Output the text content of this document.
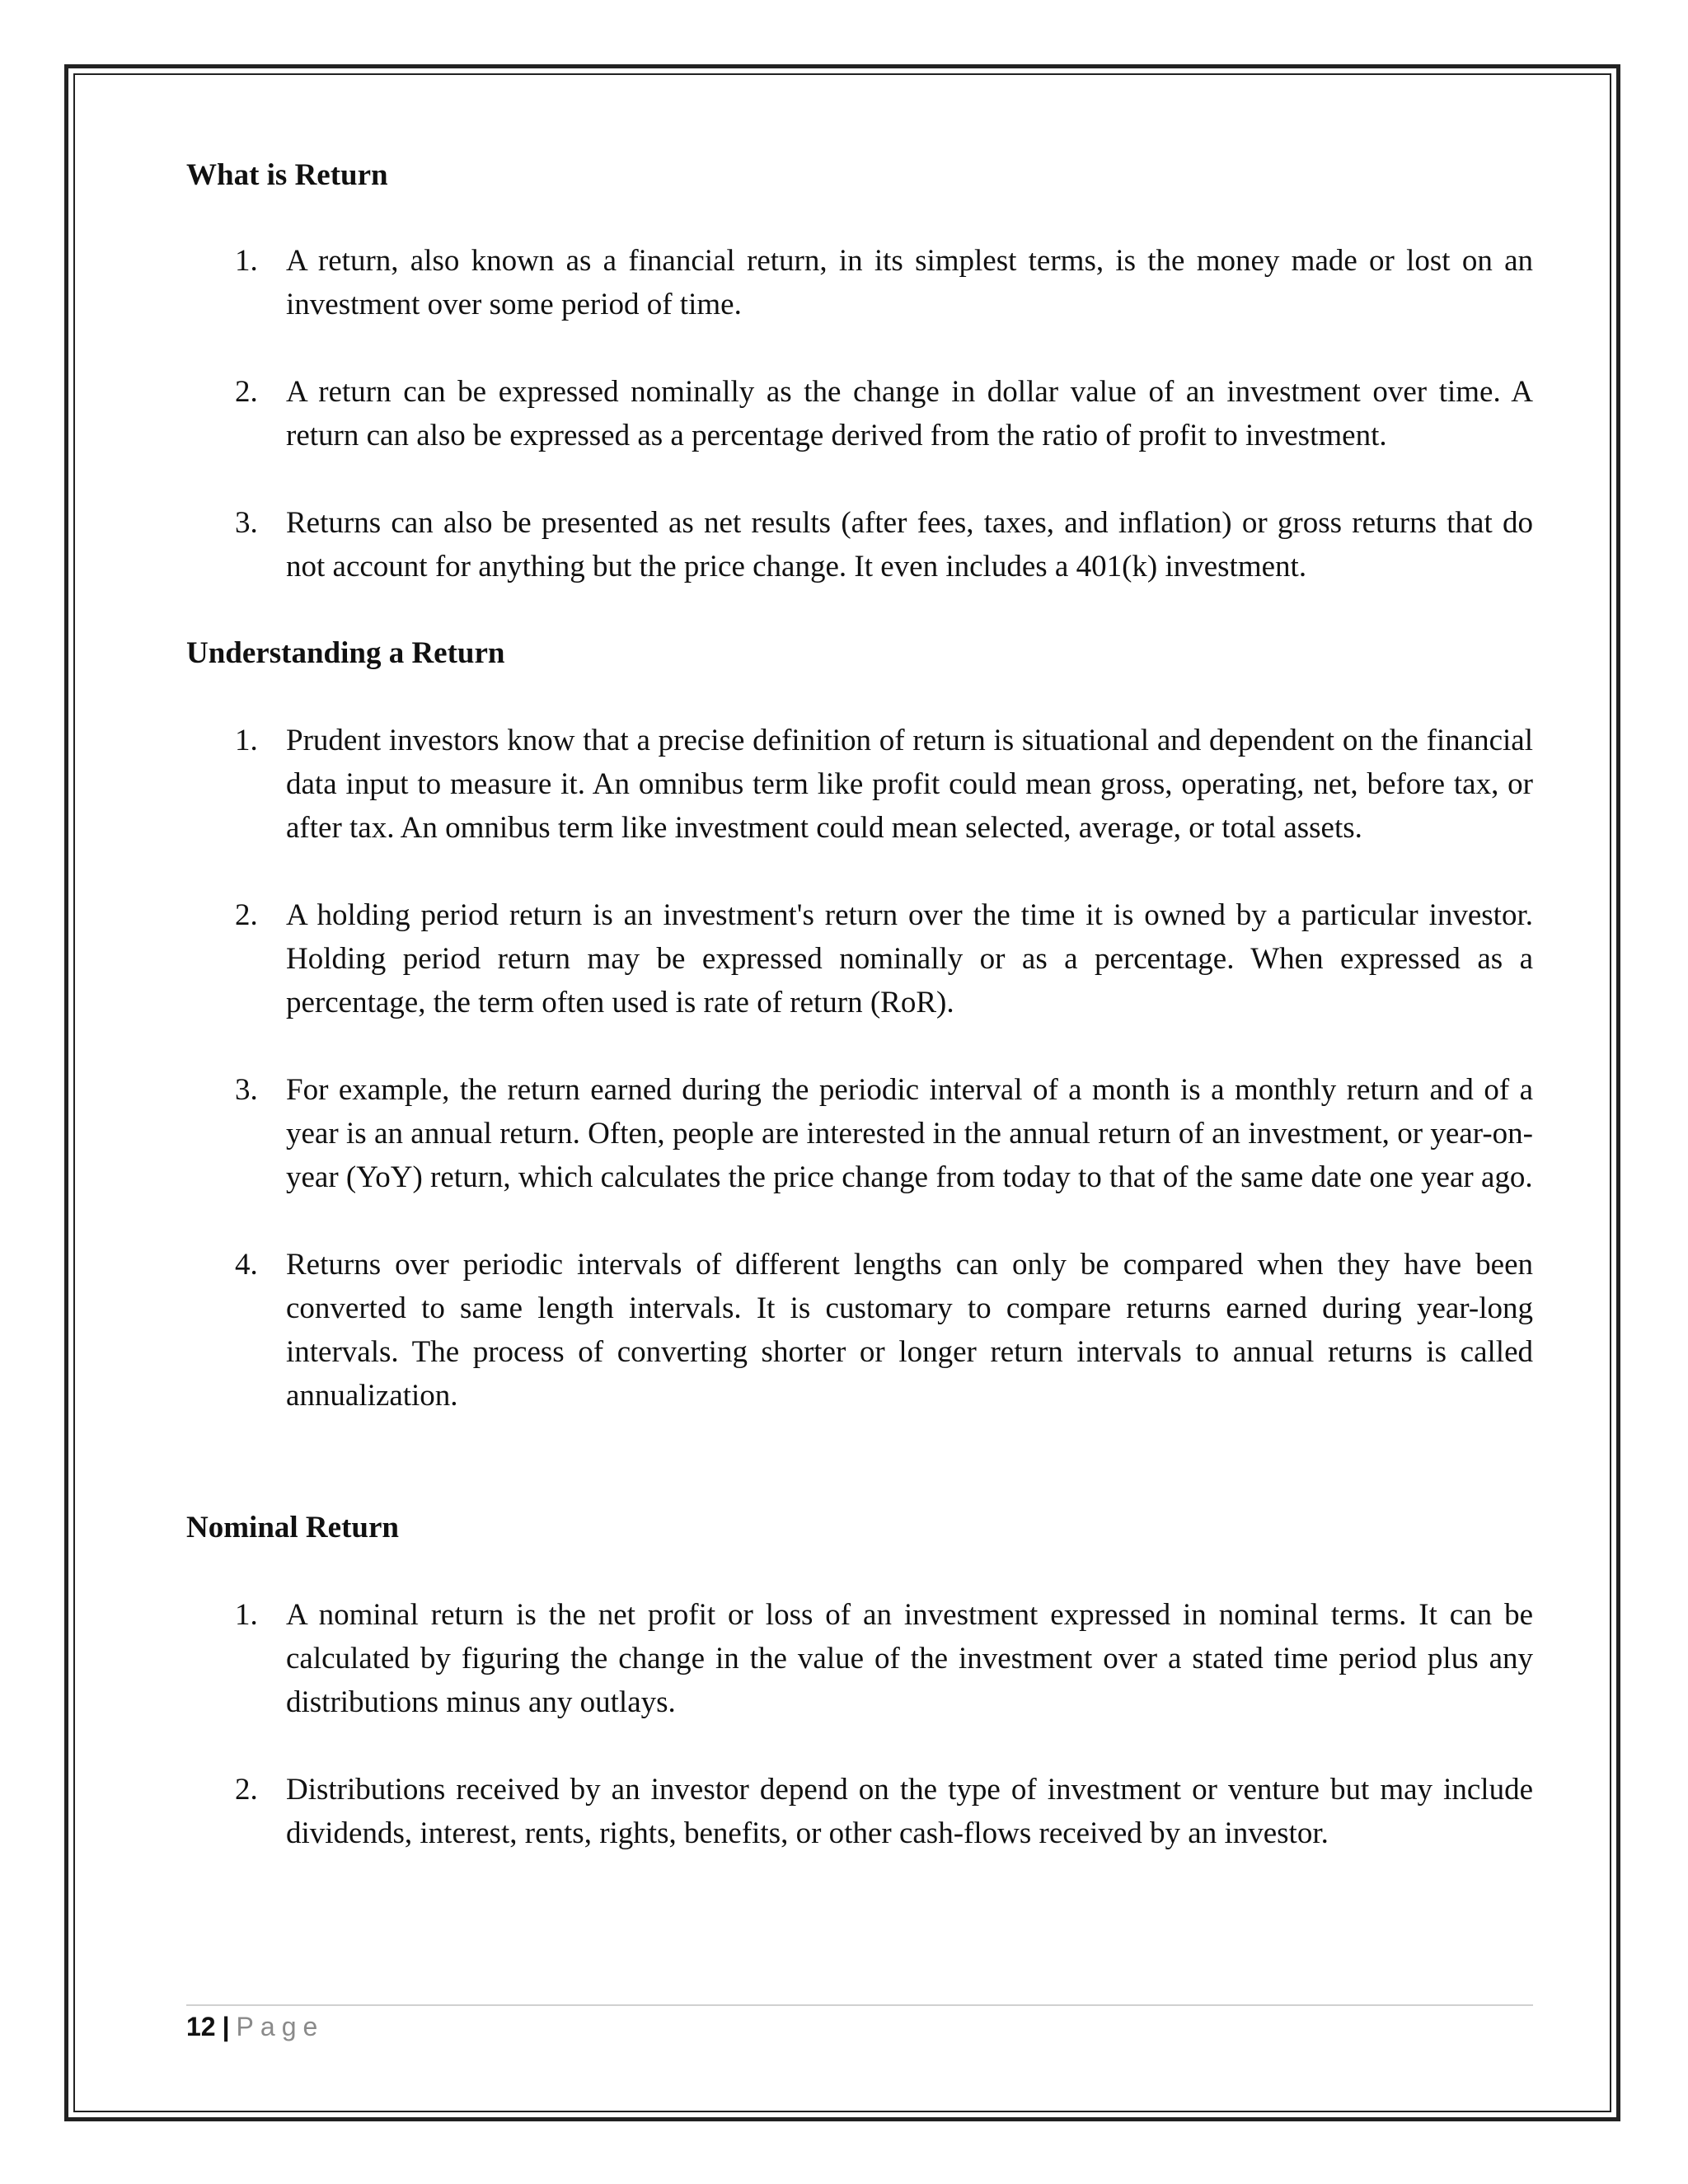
What is Return
1. A return, also known as a financial return, in its simplest terms, is the money made or lost on an investment over some period of time.
2. A return can be expressed nominally as the change in dollar value of an investment over time. A return can also be expressed as a percentage derived from the ratio of profit to investment.
3. Returns can also be presented as net results (after fees, taxes, and inflation) or gross returns that do not account for anything but the price change. It even includes a 401(k) investment.
Understanding a Return
1. Prudent investors know that a precise definition of return is situational and dependent on the financial data input to measure it. An omnibus term like profit could mean gross, operating, net, before tax, or after tax. An omnibus term like investment could mean selected, average, or total assets.
2. A holding period return is an investment's return over the time it is owned by a particular investor. Holding period return may be expressed nominally or as a percentage. When expressed as a percentage, the term often used is rate of return (RoR).
3. For example, the return earned during the periodic interval of a month is a monthly return and of a year is an annual return. Often, people are interested in the annual return of an investment, or year-on-year (YoY) return, which calculates the price change from today to that of the same date one year ago.
4. Returns over periodic intervals of different lengths can only be compared when they have been converted to same length intervals. It is customary to compare returns earned during year-long intervals. The process of converting shorter or longer return intervals to annual returns is called annualization.
Nominal Return
1. A nominal return is the net profit or loss of an investment expressed in nominal terms. It can be calculated by figuring the change in the value of the investment over a stated time period plus any distributions minus any outlays.
2. Distributions received by an investor depend on the type of investment or venture but may include dividends, interest, rents, rights, benefits, or other cash-flows received by an investor.
12 | Page
